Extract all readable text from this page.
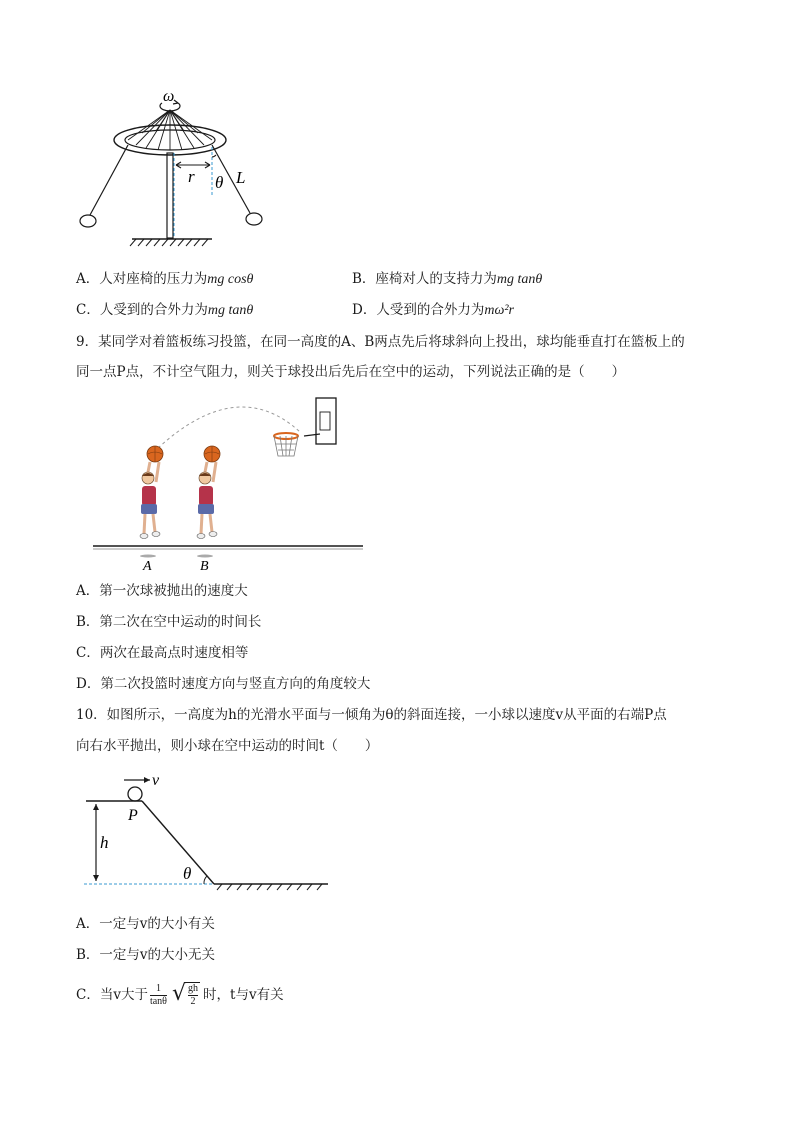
ω
r θ L
A．人对座椅的压力为mg cosθ	B．座椅对人的支持力为mg tanθ
C．人受到的合外力为mg tanθ	D．人受到的合外力为mω²r
9．某同学对着篮板练习投篮，在同一高度的A、B两点先后将球斜向上投出，球均能垂直打在篮板上的
同一点P点，不计空气阻力，则关于球投出后先后在空中的运动，下列说法正确的是（　　）
A	B
A．第一次球被抛出的速度大
B．第二次在空中运动的时间长
C．两次在最高点时速度相等
D．第二次投篮时速度方向与竖直方向的角度较大
10．如图所示，一高度为h的光滑水平面与一倾角为θ的斜面连接，一小球以速度v从平面的右端P点
向右水平抛出，则小球在空中运动的时间t（　　）
v
P
h
θ
A．一定与v的大小有关
B．一定与v的大小无关
C．当v大于 $\frac{1}{\tan\theta}$ √ $\frac{gh}{2}$ 时，t与v有关
